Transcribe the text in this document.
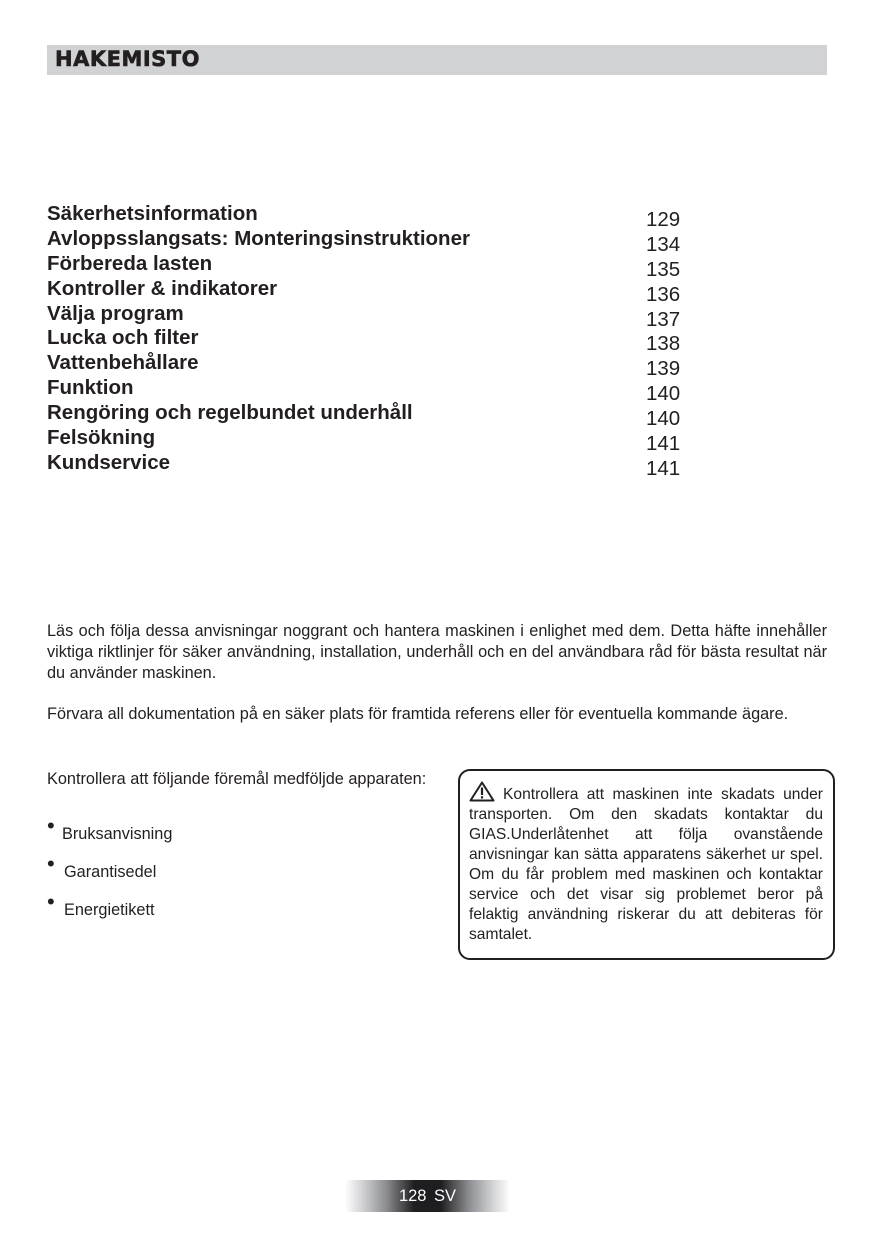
HAKEMISTO
Säkerhetsinformation	129
Avloppsslangsats: Monteringsinstruktioner	134
Förbereda lasten	135
Kontroller & indikatorer	136
Välja program	137
Lucka och filter	138
Vattenbehållare	139
Funktion	140
Rengöring och regelbundet underhåll	140
Felsökning	141
Kundservice	141

Läs och följa dessa anvisningar noggrant och hantera maskinen i enlighet med dem. Detta häfte innehåller viktiga riktlinjer för säker användning, installation, underhåll och en del användbara råd för bästa resultat när du använder maskinen.

Förvara all dokumentation på en säker plats för framtida referens eller för eventuella kommande ägare.

Kontrollera att följande föremål medföljde apparaten:

• Bruksanvisning
• Garantisedel
• Energietikett
Kontrollera att maskinen inte skadats under transporten. Om den skadats kontaktar du GIAS.Underlåtenhet att följa ovanstående anvisningar kan sätta apparatens säkerhet ur spel. Om du får problem med maskinen och kontaktar service och det visar sig problemet beror på felaktig användning riskerar du att debiteras för samtalet.
128 SV
